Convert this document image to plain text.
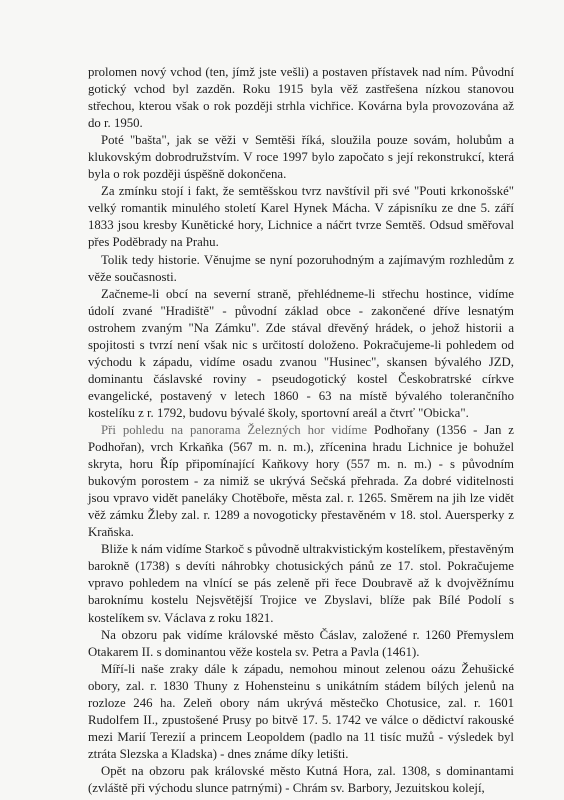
prolomen nový vchod (ten, jímž jste vešli) a postaven přístavek nad ním. Původní gotický vchod byl zazděn. Roku 1915 byla věž zastřešena nízkou stanovou střechou, kterou však o rok později strhla vichřice. Kovárna byla provozována až do r. 1950.

Poté "bašta", jak se věži v Semtěši říká, sloužila pouze sovám, holubům a klukovským dobrodružstvím. V roce 1997 bylo započato s její rekonstrukcí, která byla o rok později úspěšně dokončena.

Za zmínku stojí i fakt, že semtěšskou tvrz navštívil při své "Pouti krkonošské" velký romantik minulého století Karel Hynek Mácha. V zápisníku ze dne 5. září 1833 jsou kresby Kunětické hory, Lichnice a náčrt tvrze Semtěš. Odsud směřoval přes Poděbrady na Prahu.

Tolik tedy historie. Věnujme se nyní pozoruhodným a zajímavým rozhledům z věže současnosti.

Začneme-li obcí na severní straně, přehlédneme-li střechu hostince, vidíme údolí zvané "Hradiště" - původní základ obce - zakončené dříve lesnatým ostrohem zvaným "Na Zámku". Zde stával dřevěný hrádek, o jehož historii a spojitosti s tvrzí není však nic s určitostí doloženo. Pokračujeme-li pohledem od východu k západu, vidíme osadu zvanou "Husinec", skansen bývalého JZD, dominantu čáslavské roviny - pseudogotický kostel Českobratrské církve evangelické, postavený v letech 1860 - 63 na místě bývalého tolerančního kostelíku z r. 1792, budovu bývalé školy, sportovní areál a čtvrť "Obicka".

Při pohledu na panorama Železných hor vidíme Podhořany (1356 - Jan z Podhořan), vrch Krkaňka (567 m. n. m.), zřícenina hradu Lichnice je bohužel skryta, horu Říp připomínající Kaňkovy hory (557 m. n. m.) - s původním bukovým porostem - za nimiž se ukrývá Sečská přehrada. Za dobré viditelnosti jsou vpravo vidět paneláky Chotěboře, města zal. r. 1265. Směrem na jih lze vidět věž zámku Žleby zal. r. 1289 a novogoticky přestavěném v 18. stol. Auersperky z Kraňska.

Bliže k nám vidíme Starkoč s původně ultrakvistickým kostelíkem, přestavěným barokně (1738) s devíti náhrobky chotusických pánů ze 17. stol. Pokračujeme vpravo pohledem na vlnící se pás zeleně při řece Doubravě až k dvojvěžnímu baroknímu kostelu Nejsvětější Trojice ve Zbyslavi, blíže pak Bílé Podolí s kostelíkem sv. Václava z roku 1821.

Na obzoru pak vidíme královské město Čáslav, založené r. 1260 Přemyslem Otakarem II. s dominantou věže kostela sv. Petra a Pavla (1461).

Míří-li naše zraky dále k západu, nemohou minout zelenou oázu Žehušické obory, zal. r. 1830 Thuny z Hohensteinu s unikátním stádem bílých jelenů na rozloze 246 ha. Zeleň obory nám ukrývá městečko Chotusice, zal. r. 1601 Rudolfem II., zpustošené Prusy po bitvě 17. 5. 1742 ve válce o dědictví rakouské mezi Marií Terezií a princem Leopoldem (padlo na 11 tisíc mužů - výsledek byl ztráta Slezska a Kladska) - dnes známe díky letišti.

Opět na obzoru pak královské město Kutná Hora, zal. 1308, s dominantami (zvláště při východu slunce patrnými) - Chrám sv. Barbory, Jezuitskou kolejí,
